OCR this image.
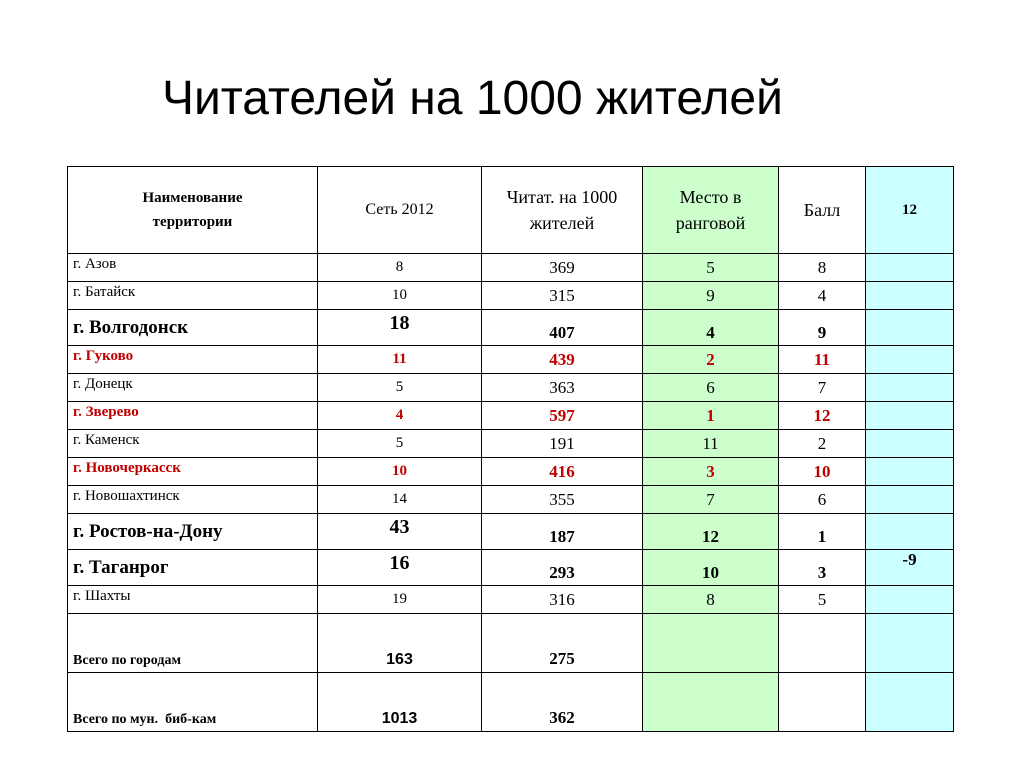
Читателей на 1000 жителей
Наименование территории	Сеть 2012	Читат. на 1000 жителей	Место в ранговой	Балл	12
г. Азов	8	369	5	8	
г. Батайск	10	315	9	4	
г. Волгодонск	18	407	4	9	
г. Гуково	11	439	2	11	
г. Донецк	5	363	6	7	
г. Зверево	4	597	1	12	
г. Каменск	5	191	11	2	
г. Новочеркасск	10	416	3	10	
г. Новошахтинск	14	355	7	6	
г. Ростов-на-Дону	43	187	12	1	
г. Таганрог	16	293	10	3	-9
г. Шахты	19	316	8	5	
Всего по городам	163	275			
Всего по мун.  биб-кам	1013	362			
